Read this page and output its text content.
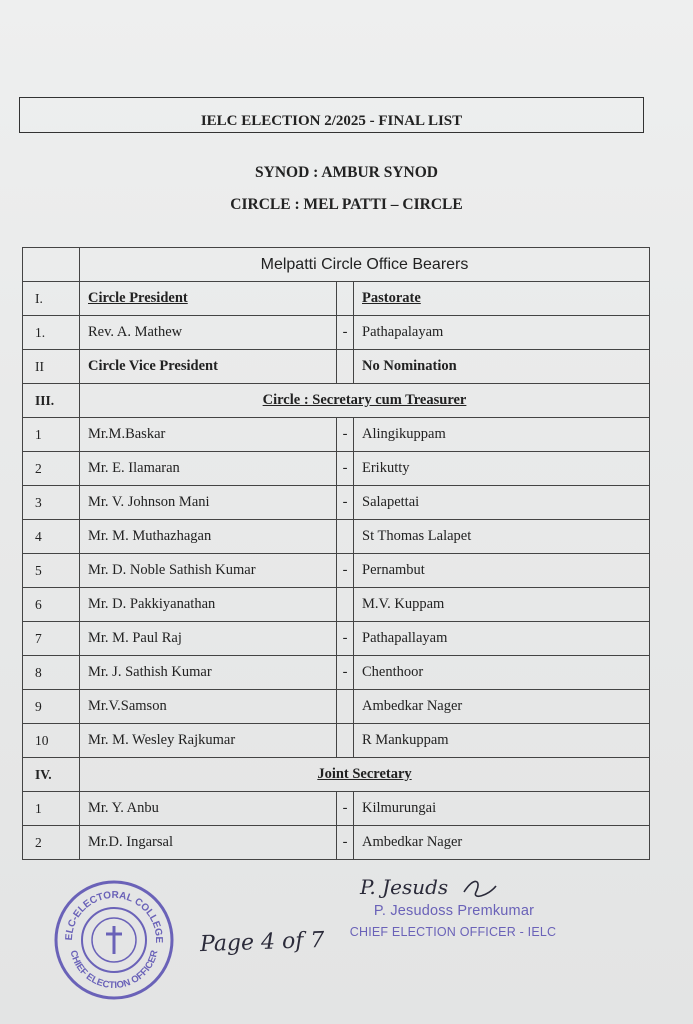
IELC ELECTION 2/2025 - FINAL LIST
SYNOD : AMBUR SYNOD
CIRCLE : MEL PATTI – CIRCLE
	Melpatti Circle Office Bearers		
I.	Circle President		Pastorate
1.	Rev. A. Mathew	-	Pathapalayam
II	Circle Vice President		No Nomination
III.	Circle : Secretary cum Treasurer		
1	Mr.M.Baskar	-	Alingikuppam
2	Mr. E. Ilamaran	-	Erikutty
3	Mr. V. Johnson Mani	-	Salapettai
4	Mr. M. Muthazhagan		St Thomas Lalapet
5	Mr. D. Noble Sathish Kumar	-	Pernambut
6	Mr. D. Pakkiyanathan		M.V. Kuppam
7	Mr. M. Paul Raj	-	Pathapallayam
8	Mr. J. Sathish Kumar	-	Chenthoor
9	Mr.V.Samson		Ambedkar Nager
10	Mr. M. Wesley Rajkumar		R Mankuppam
IV.	Joint Secretary		
1	Mr. Y. Anbu	-	Kilmurungai
2	Mr.D. Ingarsal	-	Ambedkar Nager
ELC-ELECTORAL COLLEGE
CHIEF ELECTION OFFICER
P. Jesuds
P. Jesudoss Premkumar
CHIEF ELECTION OFFICER - IELC
Page 4 of 7
